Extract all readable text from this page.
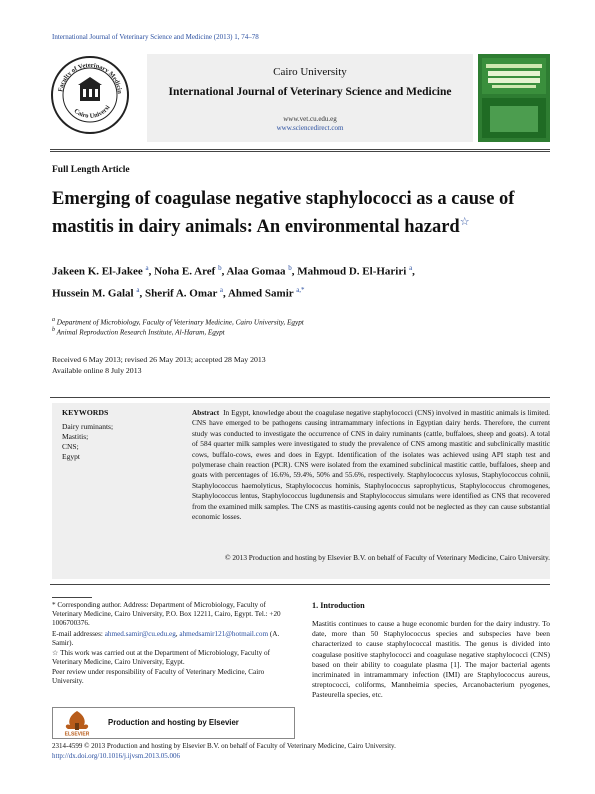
International Journal of Veterinary Science and Medicine (2013) 1, 74–78
Faculty of Veterinary Medicin
Cairo Universi
Cairo University
International Journal of Veterinary Science and Medicine
www.vet.cu.edu.eg
www.sciencedirect.com
Full Length Article
Emerging of coagulase negative staphylococci as a cause of mastitis in dairy animals: An environmental hazard☆
Jakeen K. El-Jakee $^a$, Noha E. Aref $^b$, Alaa Gomaa $^b$, Mahmoud D. El-Hariri $^a$,
Hussein M. Galal $^a$, Sherif A. Omar $^a$, Ahmed Samir $^{a,*}$
$^a$ Department of Microbiology, Faculty of Veterinary Medicine, Cairo University, Egypt
$^b$ Animal Reproduction Research Institute, Al-Haram, Egypt
Received 6 May 2013; revised 26 May 2013; accepted 28 May 2013
Available online 8 July 2013
KEYWORDS
Dairy ruminants;
Mastitis;
CNS;
Egypt
Abstract In Egypt, knowledge about the coagulase negative staphylococci (CNS) involved in mastitic animals is limited. CNS have emerged to be pathogens causing intramammary infections in Egyptian dairy herds. Therefore, the current study was conducted to investigate the occurrence of CNS in dairy ruminants (cattle, buffaloes, sheep and goats). A total of 584 quarter milk samples were investigated to study the prevalence of CNS among mastitic and subclinically mastitic cows, buffalo-cows, ewes and does in Egypt. Identification of the isolates was achieved using API staph test and polymerase chain reaction (PCR). CNS were isolated from the examined subclinical mastitic cattle, buffaloes, sheep and goats with percentages of 16.6%, 59.4%, 50% and 55.6%, respectively. Staphylococcus xylosus, Staphylococcus cohnii, Staphylococcus haemolyticus, Staphylococcus hominis, Staphylococcus saprophyticus, Staphylococcus chromogenes, Staphylococcus lentus, Staphylococcus lugdunensis and Staphylococcus simulans were identified as CNS that recovered from the examined milk samples. The CNS as mastitis-causing agents could not be neglected as they can cause substantial economic losses.
© 2013 Production and hosting by Elsevier B.V. on behalf of Faculty of Veterinary Medicine, Cairo University.
* Corresponding author. Address: Department of Microbiology, Faculty of Veterinary Medicine, Cairo University, P.O. Box 12211, Cairo, Egypt. Tel.: +20 1006700376.
E-mail addresses: ahmed.samir@cu.edu.eg, ahmedsamir121@hotmail.com (A. Samir).
☆ This work was carried out at the Department of Microbiology, Faculty of Veterinary Medicine, Cairo University, Egypt.
Peer review under responsibility of Faculty of Veterinary Medicine, Cairo University.
ELSEVIER
Production and hosting by Elsevier
1. Introduction
Mastitis continues to cause a huge economic burden for the dairy industry. To date, more than 50 Staphylococcus species and subspecies have been characterized to cause staphylococcal mastitis. The genus is divided into coagulase positive staphylococci and coagulase negative staphylococci (CNS) based on their ability to coagulate plasma [1]. The major bacterial agents incriminated in intramammary infection (IMI) are Staphylococcus aureus, streptococci, coliforms, Mannheimia species, Arcanobacterium pyogenes, Pasteurella species, etc.
2314-4599 © 2013 Production and hosting by Elsevier B.V. on behalf of Faculty of Veterinary Medicine, Cairo University.
http://dx.doi.org/10.1016/j.ijvsm.2013.05.006
